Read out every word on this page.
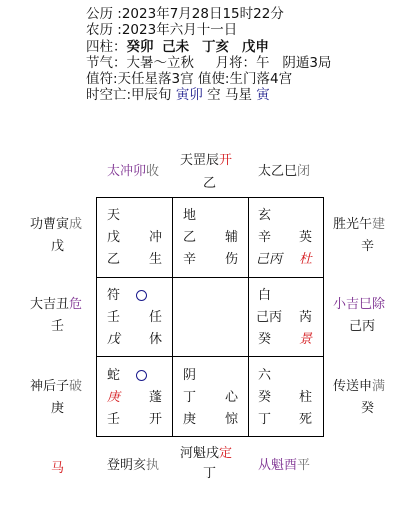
公历 :2023年7月28日15时22分
农历 :2023年六月十一日
四柱：癸卯 己未 丁亥 戊申
节气：大暑～立秋 月将：午 阴遁3局
值符:天任星落3宫 值使:生门落4宫
时空亡:甲辰旬 寅卯 空 马星 寅
太冲卯收
天罡辰开
乙
太乙巳闭
功曹寅成
戊
胜光午建
辛
大吉丑危
壬
小吉巳除
己丙
神后子破
庚
传送申满
癸
马	登明亥执
河魁戌定
丁
从魁酉平
天
戊 冲
乙 生
地
乙 辅
辛 伤
玄
辛 英
己丙 杜
符
壬 任
戊 休
白
己丙 芮
癸 景
蛇
庚 蓬
壬 开
阴
丁 心
庚 惊
六
癸 柱
丁 死
